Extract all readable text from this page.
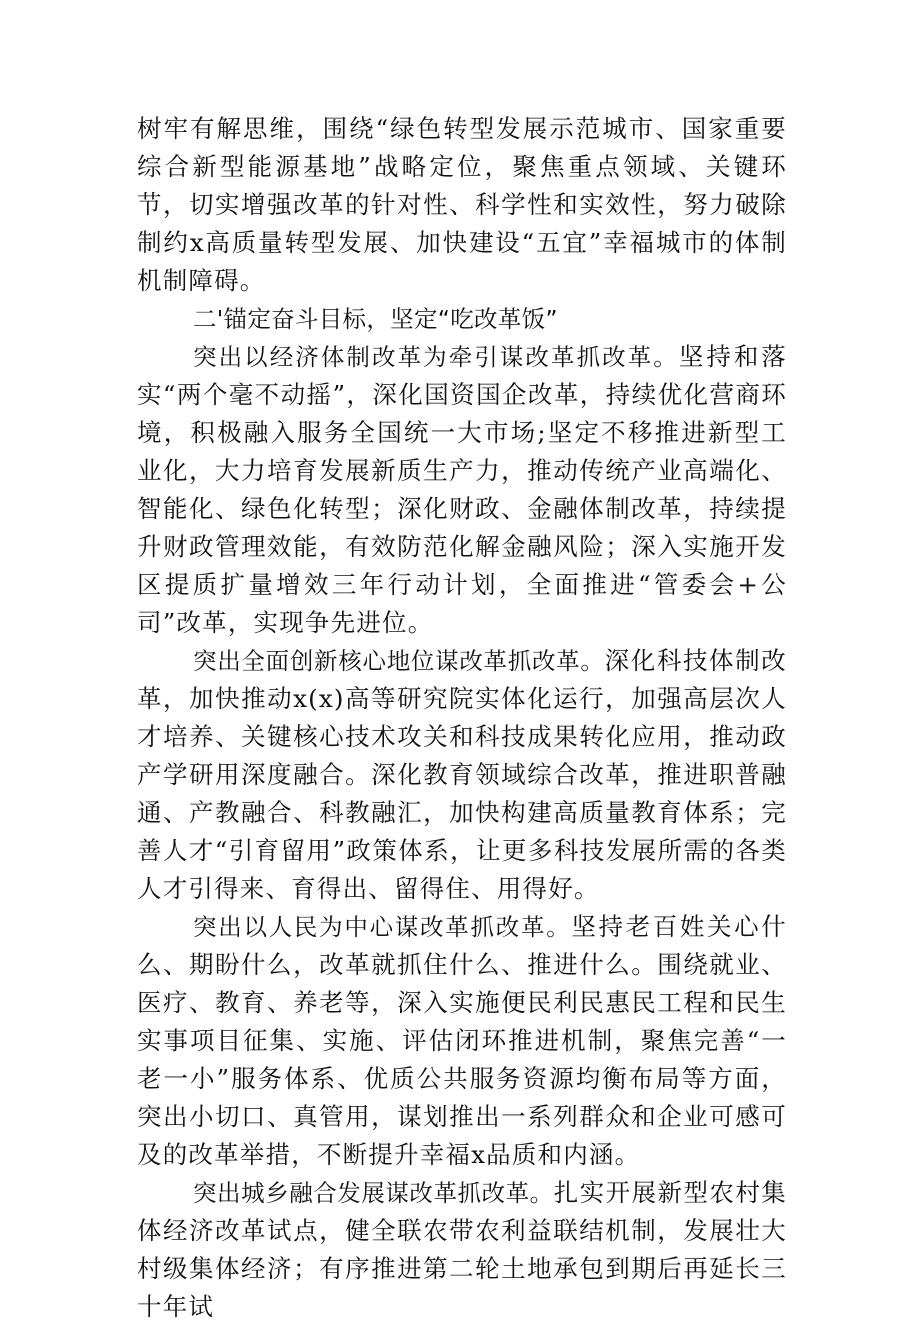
树牢有解思维，围绕“绿色转型发展示范城市、国家重要综合新型能源基地”战略定位，聚焦重点领域、关键环节，切实增强改革的针对性、科学性和实效性，努力破除制约x高质量转型发展、加快建设“五宜”幸福城市的体制机制障碍。

二'锚定奋斗目标，坚定“吃改革饭”

突出以经济体制改革为牵引谋改革抓改革。坚持和落实“两个毫不动摇”，深化国资国企改革，持续优化营商环境，积极融入服务全国统一大市场;坚定不移推进新型工业化，大力培育发展新质生产力，推动传统产业高端化、智能化、绿色化转型；深化财政、金融体制改革，持续提升财政管理效能，有效防范化解金融风险；深入实施开发区提质扩量增效三年行动计划，全面推进“管委会+公司”改革，实现争先进位。

突出全面创新核心地位谋改革抓改革。深化科技体制改革，加快推动x(x)高等研究院实体化运行，加强高层次人才培养、关键核心技术攻关和科技成果转化应用，推动政产学研用深度融合。深化教育领域综合改革，推进职普融通、产教融合、科教融汇，加快构建高质量教育体系；完善人才“引育留用”政策体系，让更多科技发展所需的各类人才引得来、育得出、留得住、用得好。

突出以人民为中心谋改革抓改革。坚持老百姓关心什么、期盼什么，改革就抓住什么、推进什么。围绕就业、医疗、教育、养老等，深入实施便民利民惠民工程和民生实事项目征集、实施、评估闭环推进机制，聚焦完善“一老一小”服务体系、优质公共服务资源均衡布局等方面，突出小切口、真管用，谋划推出一系列群众和企业可感可及的改革举措，不断提升幸福x品质和内涵。

突出城乡融合发展谋改革抓改革。扎实开展新型农村集体经济改革试点，健全联农带农利益联结机制，发展壮大村级集体经济；有序推进第二轮土地承包到期后再延长三十年试
